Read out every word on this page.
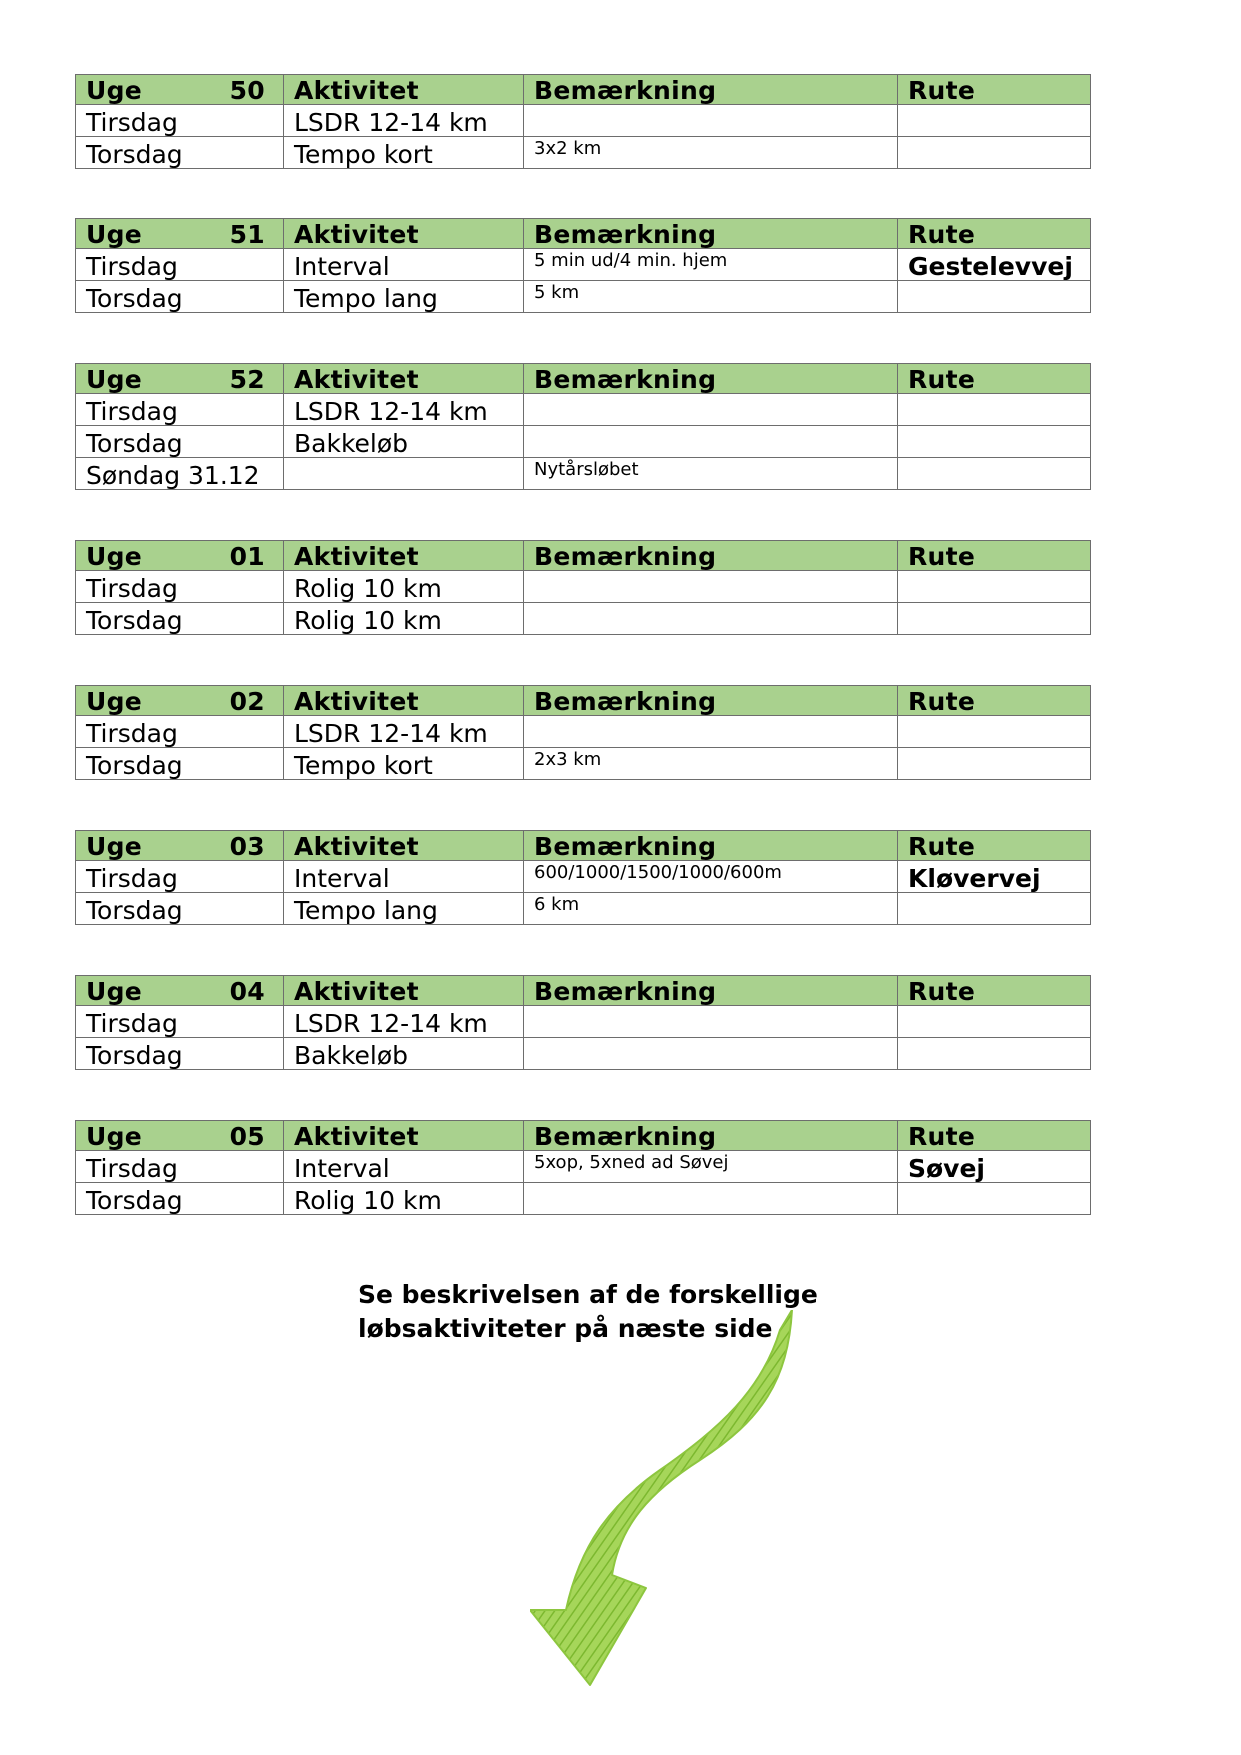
Uge 50	Aktivitet	Bemærkning	Rute
Tirsdag	LSDR 12-14 km		
Torsdag	Tempo kort	3x2 km	
Uge 51	Aktivitet	Bemærkning	Rute
Tirsdag	Interval	5 min ud/4 min. hjem	Gestelevvej
Torsdag	Tempo lang	5 km	
Uge 52	Aktivitet	Bemærkning	Rute
Tirsdag	LSDR 12-14 km		
Torsdag	Bakkeløb		
Søndag 31.12		Nytårsløbet	
Uge 01	Aktivitet	Bemærkning	Rute
Tirsdag	Rolig 10 km		
Torsdag	Rolig 10 km		
Uge 02	Aktivitet	Bemærkning	Rute
Tirsdag	LSDR 12-14 km		
Torsdag	Tempo kort	2x3 km	
Uge 03	Aktivitet	Bemærkning	Rute
Tirsdag	Interval	600/1000/1500/1000/600m	Kløvervej
Torsdag	Tempo lang	6 km	
Uge 04	Aktivitet	Bemærkning	Rute
Tirsdag	LSDR 12-14 km		
Torsdag	Bakkeløb		
Uge 05	Aktivitet	Bemærkning	Rute
Tirsdag	Interval	5xop, 5xned ad Søvej	Søvej
Torsdag	Rolig 10 km		
Se beskrivelsen af de forskellige
løbsaktiviteter på næste side
